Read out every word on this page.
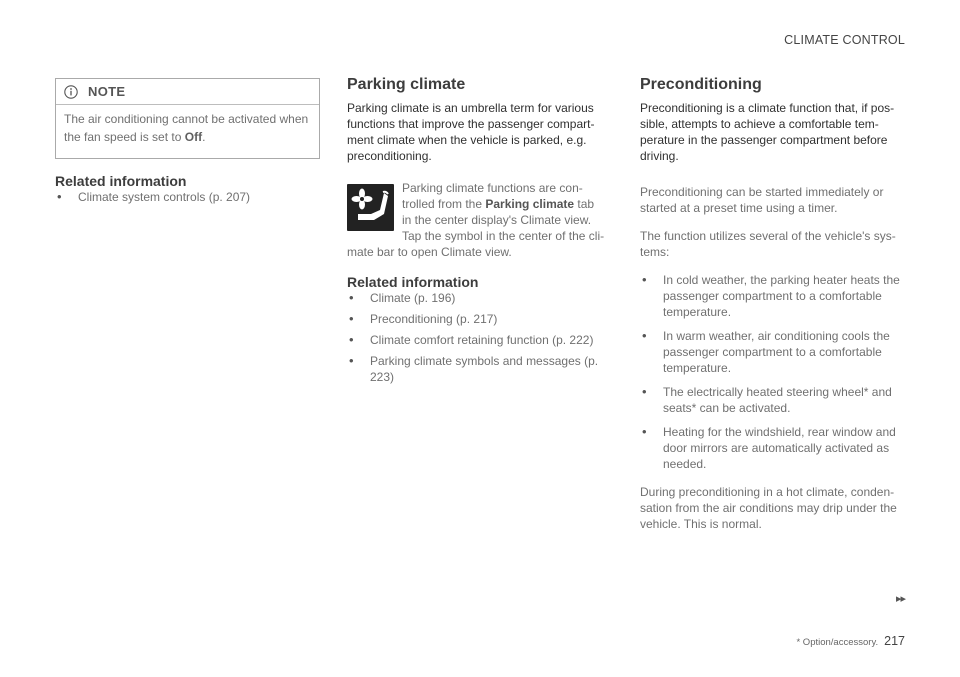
CLIMATE CONTROL
NOTE
The air conditioning cannot be activated when the fan speed is set to Off.
Related information
• Climate system controls (p. 207)
Parking climate

Parking climate is an umbrella term for various functions that improve the passenger compart-ment climate when the vehicle is parked, e.g. preconditioning.

Parking climate functions are con-trolled from the Parking climate tab in the center display's Climate view. Tap the symbol in the center of the cli-mate bar to open Climate view.
Related information
• Climate (p. 196)
• Preconditioning (p. 217)
• Climate comfort retaining function (p. 222)
• Parking climate symbols and messages (p. 223)
Preconditioning

Preconditioning is a climate function that, if pos-sible, attempts to achieve a comfortable tem-perature in the passenger compartment before driving.

Preconditioning can be started immediately or started at a preset time using a timer.

The function utilizes several of the vehicle's sys-tems:

• In cold weather, the parking heater heats the passenger compartment to a comfortable temperature.
• In warm weather, air conditioning cools the passenger compartment to a comfortable temperature.
• The electrically heated steering wheel* and seats* can be activated.
• Heating for the windshield, rear window and door mirrors are automatically activated as needed.

During preconditioning in a hot climate, conden-sation from the air conditions may drip under the vehicle. This is normal.

▸▸
* Option/accessory. 217
